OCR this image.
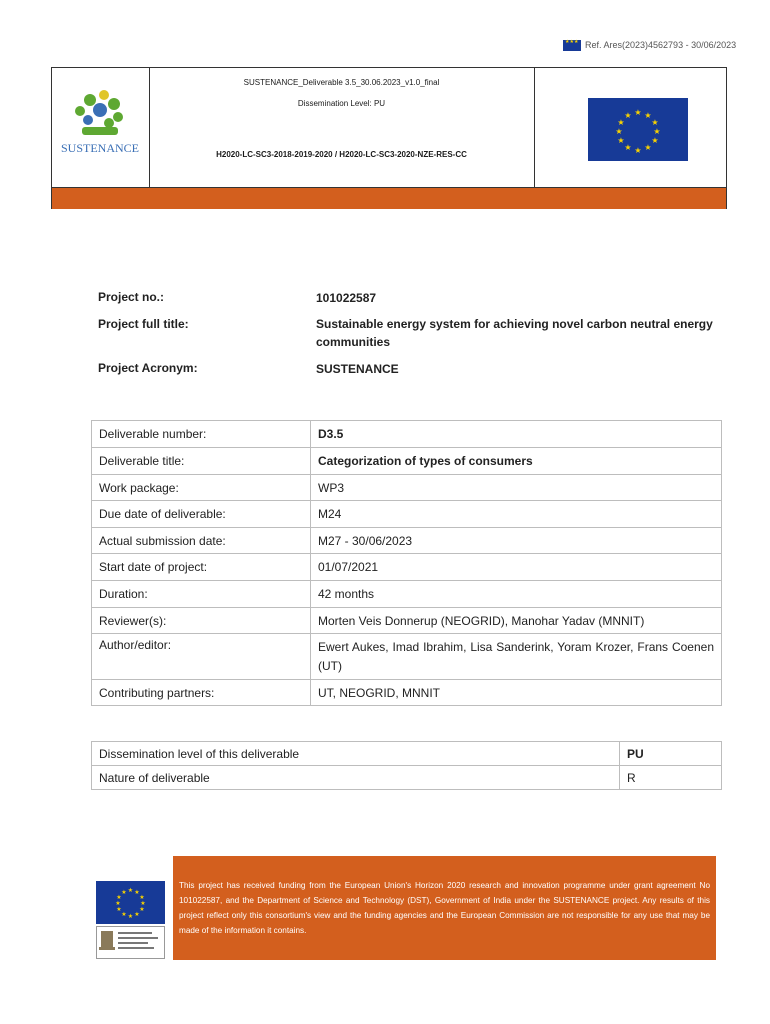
★★★
Ref. Ares(2023)4562793 - 30/06/2023
SUSTENANCE
SUSTENANCE_Deliverable 3.5_30.06.2023_v1.0_final
Dissemination Level: PU
H2020-LC-SC3-2018-2019-2020 / H2020-LC-SC3-2020-NZE-RES-CC
★ ★
★
★
★
★
★
★
★
★
★
★
Project no.:	101022587
Project full title:	Sustainable energy system for achieving novel carbon neutral energy communities
Project Acronym:	SUSTENANCE
Deliverable number:	D3.5
Deliverable title:	Categorization of types of consumers
Work package:	WP3
Due date of deliverable:	M24
Actual submission date:	M27 - 30/06/2023
Start date of project:	01/07/2021
Duration:	42 months
Reviewer(s):	Morten Veis Donnerup (NEOGRID), Manohar Yadav (MNNIT)
Author/editor:	Ewert Aukes, Imad Ibrahim, Lisa Sanderink, Yoram Krozer, Frans Coenen (UT)
Contributing partners:	UT, NEOGRID, MNNIT
Dissemination level of this deliverable	PU
Nature of deliverable	R
★ ★
★
★
★
★
★
★
★
★
★
★
This project has received funding from the European Union's Horizon 2020 research and innovation programme under grant agreement No 101022587, and the Department of Science and Technology (DST), Government of India under the SUSTENANCE project. Any results of this project reflect only this consortium's view and the funding agencies and the European Commission are not responsible for any use that may be made of the information it contains.
